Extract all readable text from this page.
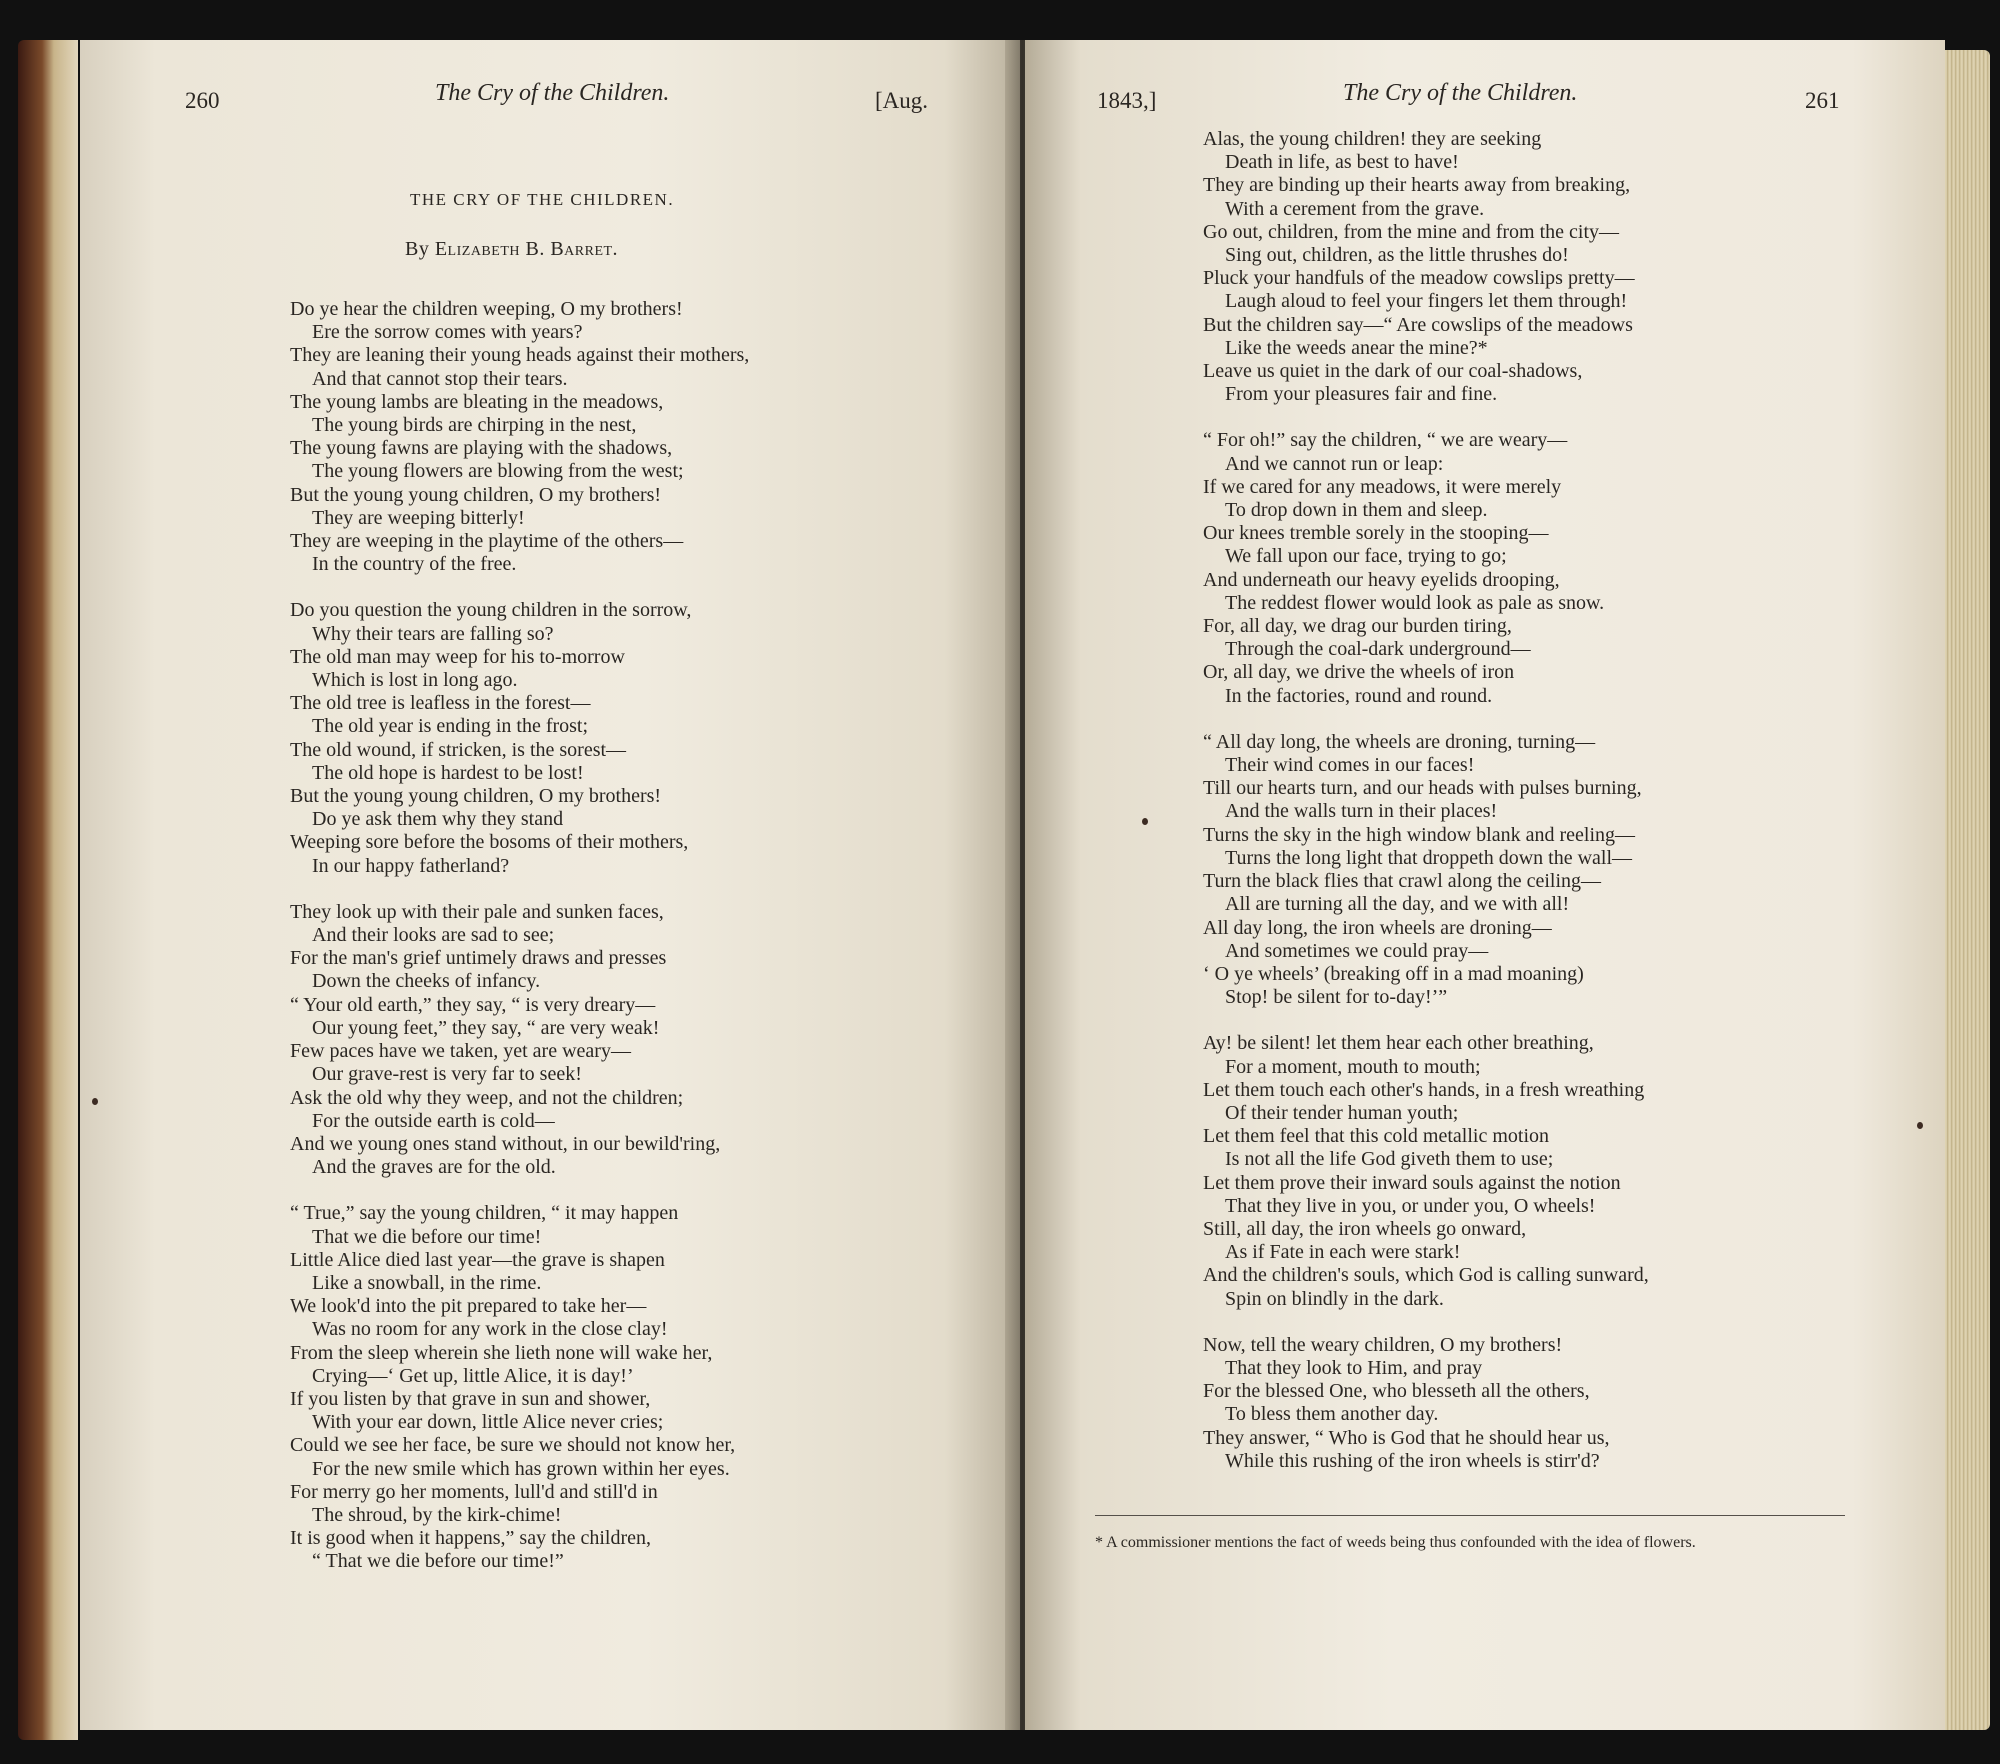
260	The Cry of the Children.	[Aug.
THE CRY OF THE CHILDREN.
By Elizabeth B. Barret.
Do ye hear the children weeping, O my brothers!
Ere the sorrow comes with years?
They are leaning their young heads against their mothers,
And that cannot stop their tears.
The young lambs are bleating in the meadows,
The young birds are chirping in the nest,
The young fawns are playing with the shadows,
The young flowers are blowing from the west;
But the young young children, O my brothers!
They are weeping bitterly!
They are weeping in the playtime of the others—
In the country of the free.
Do you question the young children in the sorrow,
Why their tears are falling so?
The old man may weep for his to-morrow
Which is lost in long ago.
The old tree is leafless in the forest—
The old year is ending in the frost;
The old wound, if stricken, is the sorest—
The old hope is hardest to be lost!
But the young young children, O my brothers!
Do ye ask them why they stand
Weeping sore before the bosoms of their mothers,
In our happy fatherland?
They look up with their pale and sunken faces,
And their looks are sad to see;
For the man's grief untimely draws and presses
Down the cheeks of infancy.
“ Your old earth,” they say, “ is very dreary—
Our young feet,” they say, “ are very weak!
Few paces have we taken, yet are weary—
Our grave-rest is very far to seek!
Ask the old why they weep, and not the children;
For the outside earth is cold—
And we young ones stand without, in our bewild'ring,
And the graves are for the old.
“ True,” say the young children, “ it may happen
That we die before our time!
Little Alice died last year—the grave is shapen
Like a snowball, in the rime.
We look'd into the pit prepared to take her—
Was no room for any work in the close clay!
From the sleep wherein she lieth none will wake her,
Crying—‘ Get up, little Alice, it is day!’
If you listen by that grave in sun and shower,
With your ear down, little Alice never cries;
Could we see her face, be sure we should not know her,
For the new smile which has grown within her eyes.
For merry go her moments, lull'd and still'd in
The shroud, by the kirk-chime!
It is good when it happens,” say the children,
“ That we die before our time!”
1843,]	The Cry of the Children.	261
Alas, the young children! they are seeking
Death in life, as best to have!
They are binding up their hearts away from breaking,
With a cerement from the grave.
Go out, children, from the mine and from the city—
Sing out, children, as the little thrushes do!
Pluck your handfuls of the meadow cowslips pretty—
Laugh aloud to feel your fingers let them through!
But the children say—“ Are cowslips of the meadows
Like the weeds anear the mine?*
Leave us quiet in the dark of our coal-shadows,
From your pleasures fair and fine.
“ For oh!” say the children, “ we are weary—
And we cannot run or leap:
If we cared for any meadows, it were merely
To drop down in them and sleep.
Our knees tremble sorely in the stooping—
We fall upon our face, trying to go;
And underneath our heavy eyelids drooping,
The reddest flower would look as pale as snow.
For, all day, we drag our burden tiring,
Through the coal-dark underground—
Or, all day, we drive the wheels of iron
In the factories, round and round.
“ All day long, the wheels are droning, turning—
Their wind comes in our faces!
Till our hearts turn, and our heads with pulses burning,
And the walls turn in their places!
Turns the sky in the high window blank and reeling—
Turns the long light that droppeth down the wall—
Turn the black flies that crawl along the ceiling—
All are turning all the day, and we with all!
All day long, the iron wheels are droning—
And sometimes we could pray—
‘ O ye wheels’ (breaking off in a mad moaning)
Stop! be silent for to-day!’”
Ay! be silent! let them hear each other breathing,
For a moment, mouth to mouth;
Let them touch each other's hands, in a fresh wreathing
Of their tender human youth;
Let them feel that this cold metallic motion
Is not all the life God giveth them to use;
Let them prove their inward souls against the notion
That they live in you, or under you, O wheels!
Still, all day, the iron wheels go onward,
As if Fate in each were stark!
And the children's souls, which God is calling sunward,
Spin on blindly in the dark.
Now, tell the weary children, O my brothers!
That they look to Him, and pray
For the blessed One, who blesseth all the others,
To bless them another day.
They answer, “ Who is God that he should hear us,
While this rushing of the iron wheels is stirr'd?
* A commissioner mentions the fact of weeds being thus confounded with the idea of flowers.
